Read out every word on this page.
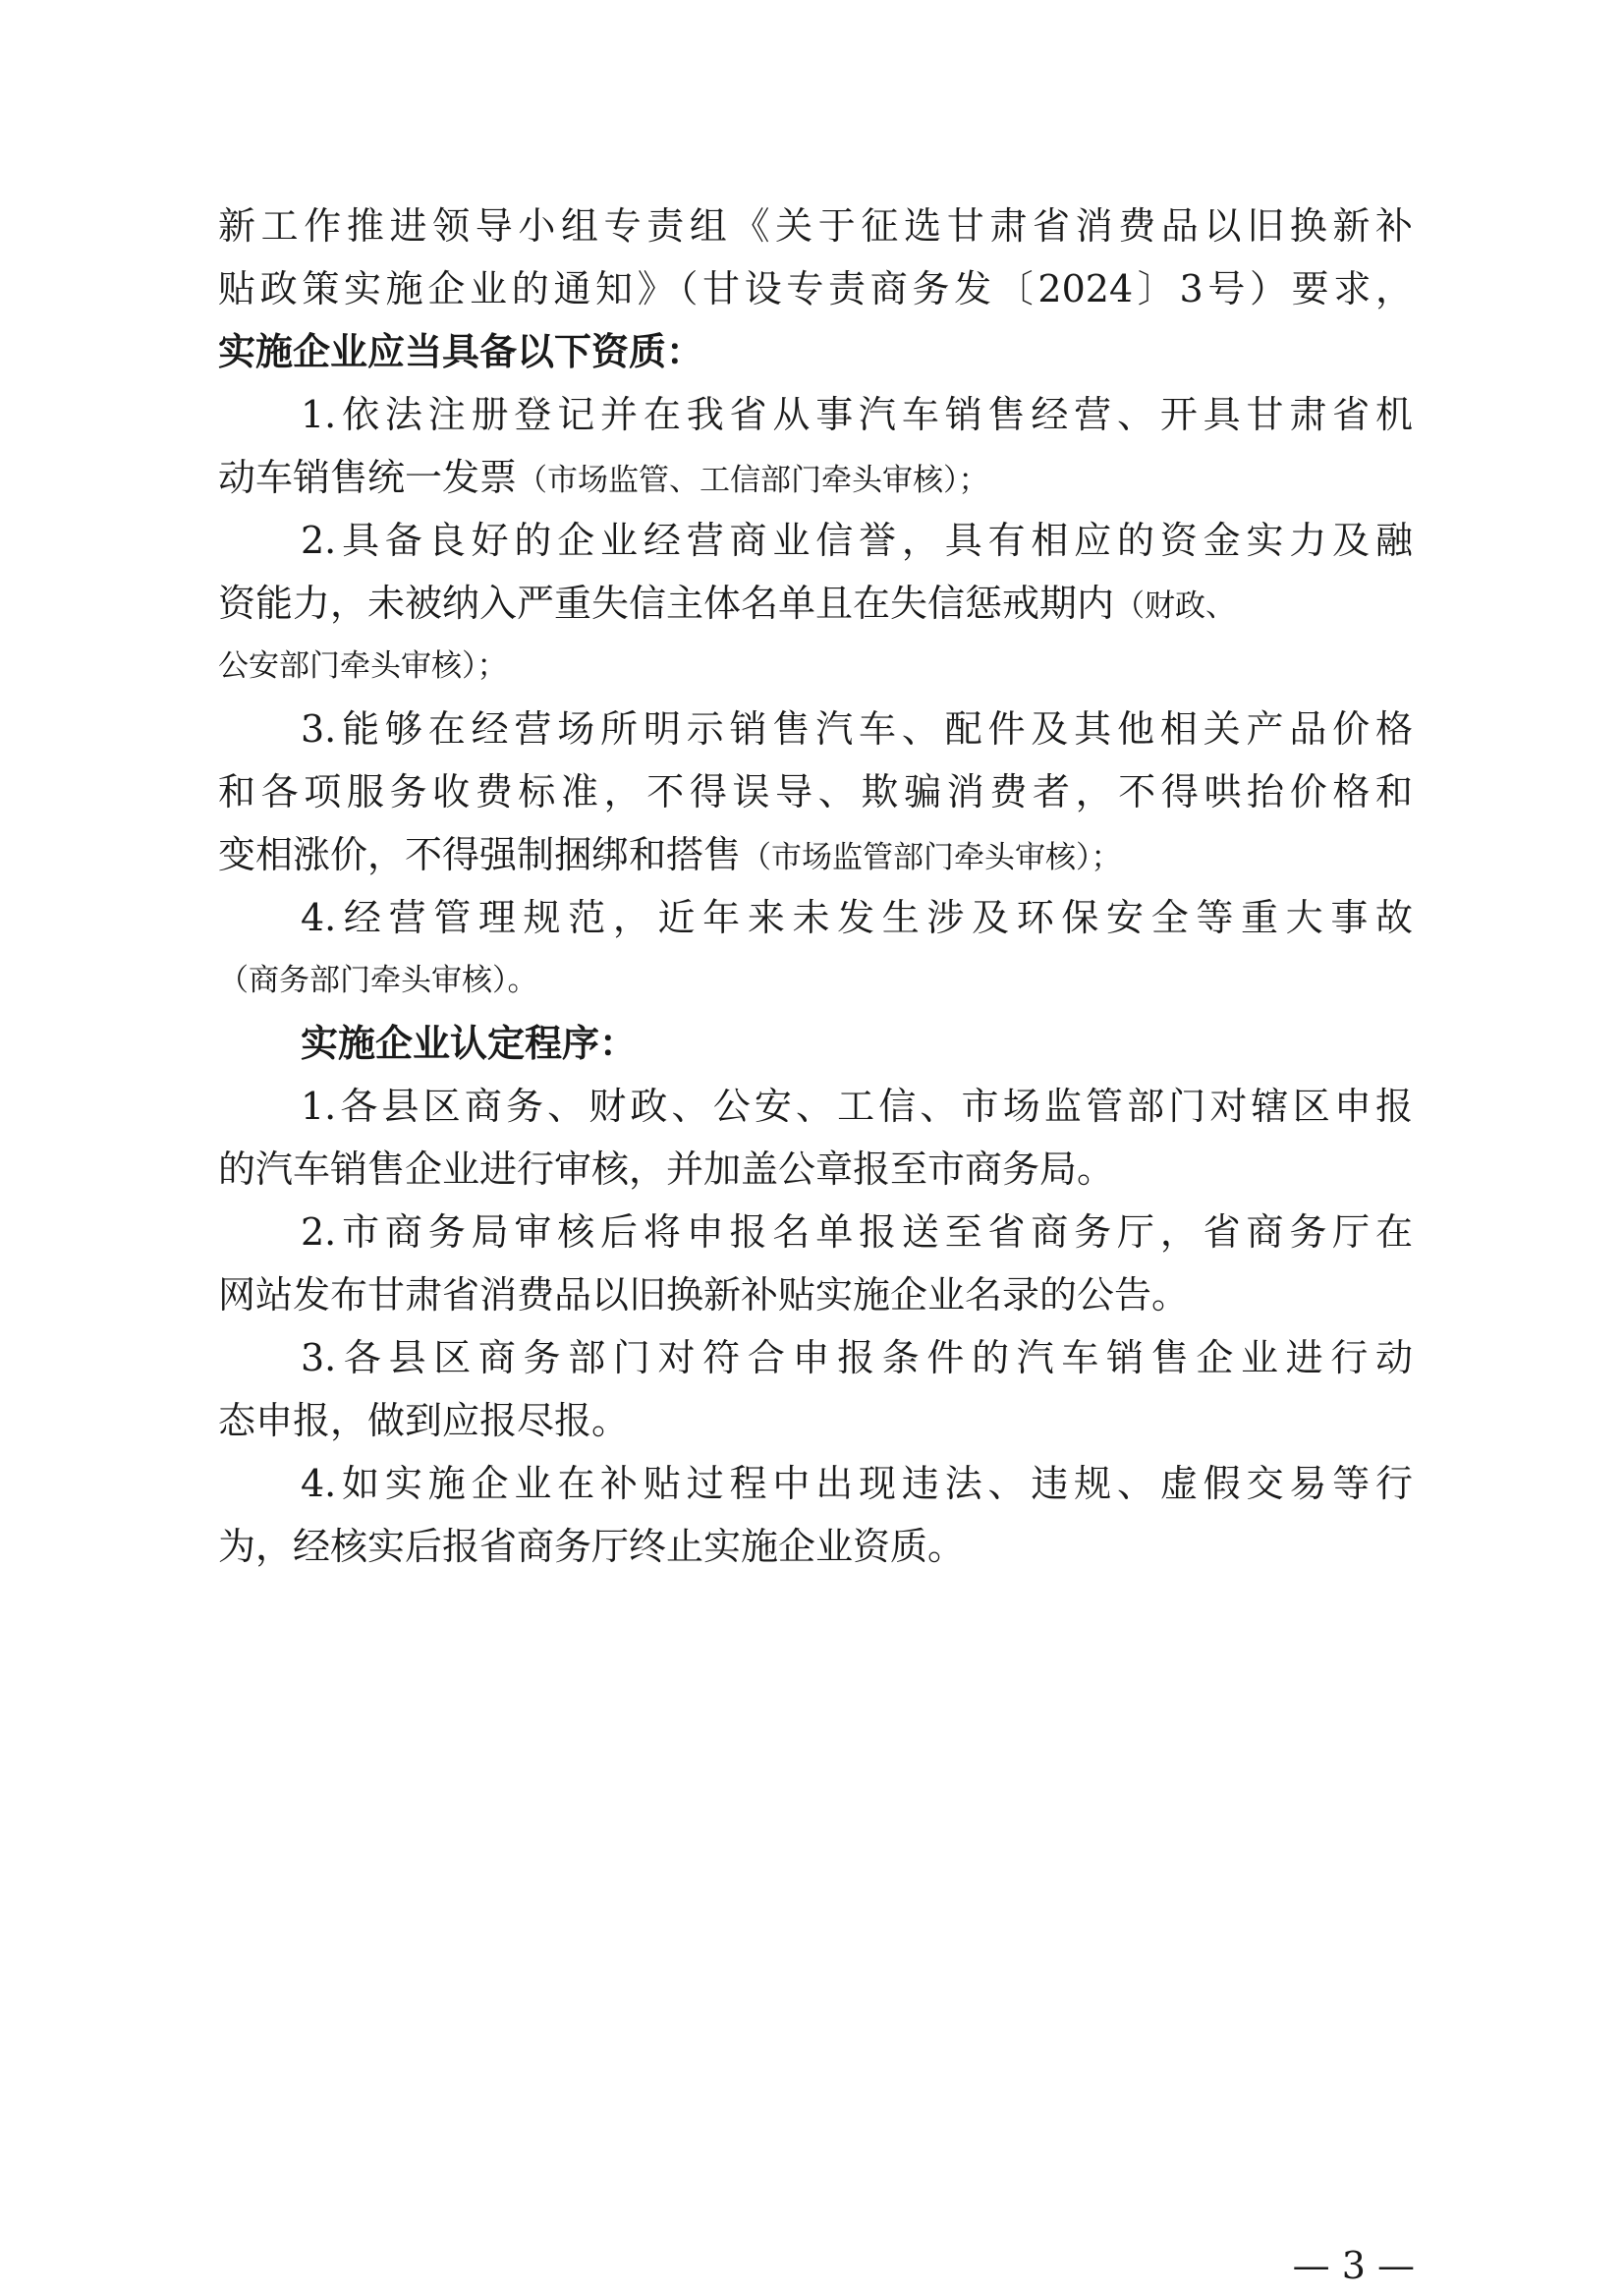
新工作推进领导小组专责组《关于征选甘肃省消费品以旧换新补
贴政策实施企业的通知》（甘设专责商务发〔2024〕3号）要求，
实施企业应当具备以下资质：
1.依法注册登记并在我省从事汽车销售经营、开具甘肃省机
动车销售统一发票（市场监管、工信部门牵头审核）；
2.具备良好的企业经营商业信誉，具有相应的资金实力及融
资能力，未被纳入严重失信主体名单且在失信惩戒期内（财政、
公安部门牵头审核）；
3.能够在经营场所明示销售汽车、配件及其他相关产品价格
和各项服务收费标准，不得误导、欺骗消费者，不得哄抬价格和
变相涨价，不得强制捆绑和搭售（市场监管部门牵头审核）；
4.经营管理规范，近年来未发生涉及环保安全等重大事故
（商务部门牵头审核）。
实施企业认定程序：
1.各县区商务、财政、公安、工信、市场监管部门对辖区申报
的汽车销售企业进行审核，并加盖公章报至市商务局。
2.市商务局审核后将申报名单报送至省商务厅，省商务厅在
网站发布甘肃省消费品以旧换新补贴实施企业名录的公告。
3.各县区商务部门对符合申报条件的汽车销售企业进行动
态申报，做到应报尽报。
4.如实施企业在补贴过程中出现违法、违规、虚假交易等行
为，经核实后报省商务厅终止实施企业资质。
— 3 —
